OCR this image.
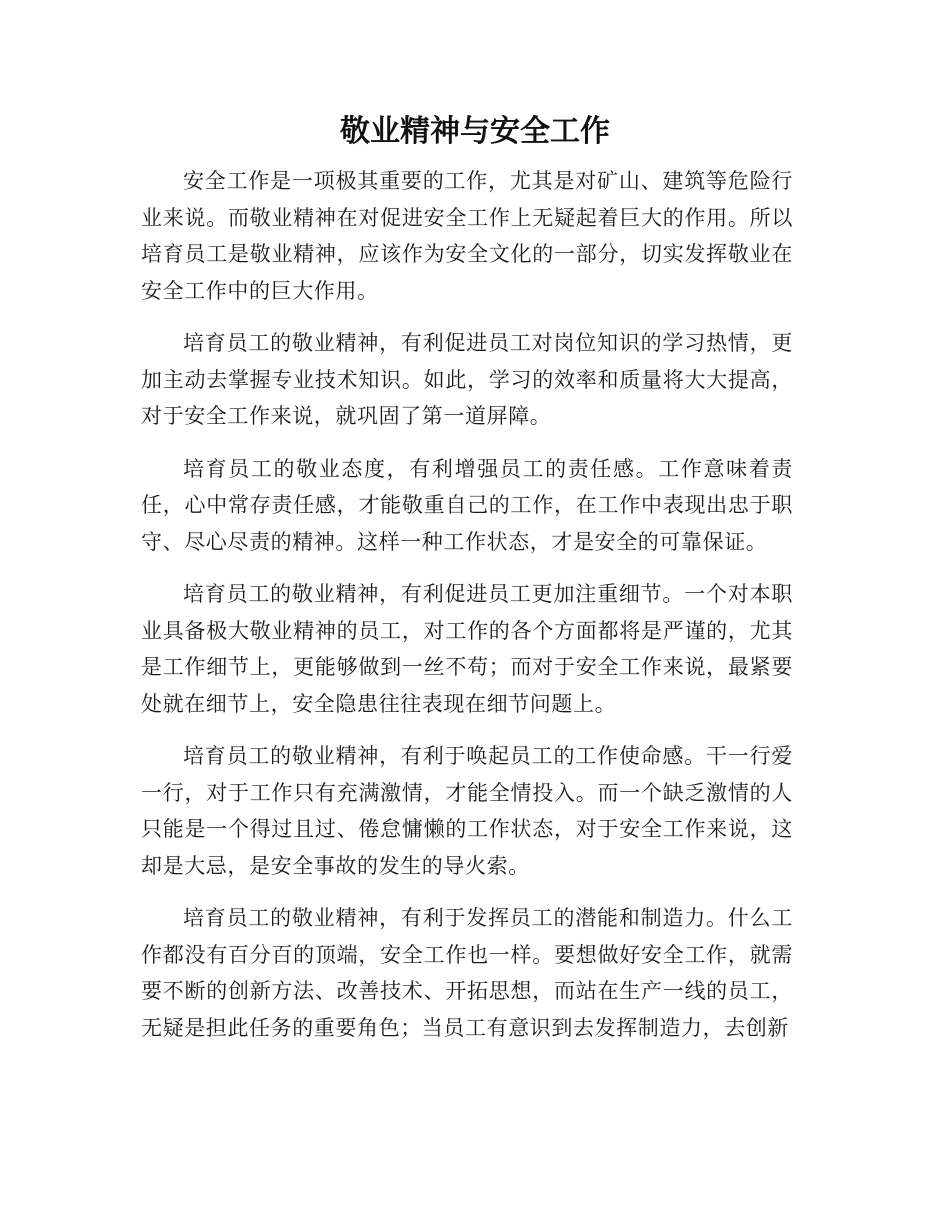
敬业精神与安全工作

安全工作是一项极其重要的工作，尤其是对矿山、建筑等危险行业来说。而敬业精神在对促进安全工作上无疑起着巨大的作用。所以培育员工是敬业精神，应该作为安全文化的一部分，切实发挥敬业在安全工作中的巨大作用。

培育员工的敬业精神，有利促进员工对岗位知识的学习热情，更加主动去掌握专业技术知识。如此，学习的效率和质量将大大提高，对于安全工作来说，就巩固了第一道屏障。

培育员工的敬业态度，有利增强员工的责任感。工作意味着责任，心中常存责任感，才能敬重自己的工作，在工作中表现出忠于职守、尽心尽责的精神。这样一种工作状态，才是安全的可靠保证。

培育员工的敬业精神，有利促进员工更加注重细节。一个对本职业具备极大敬业精神的员工，对工作的各个方面都将是严谨的，尤其是工作细节上，更能够做到一丝不苟；而对于安全工作来说，最紧要处就在细节上，安全隐患往往表现在细节问题上。

培育员工的敬业精神，有利于唤起员工的工作使命感。干一行爱一行，对于工作只有充满激情，才能全情投入。而一个缺乏激情的人只能是一个得过且过、倦怠慵懒的工作状态，对于安全工作来说，这却是大忌，是安全事故的发生的导火索。

培育员工的敬业精神，有利于发挥员工的潜能和制造力。什么工作都没有百分百的顶端，安全工作也一样。要想做好安全工作，就需要不断的创新方法、改善技术、开拓思想，而站在生产一线的员工，无疑是担此任务的重要角色；当员工有意识到去发挥制造力，去创新
